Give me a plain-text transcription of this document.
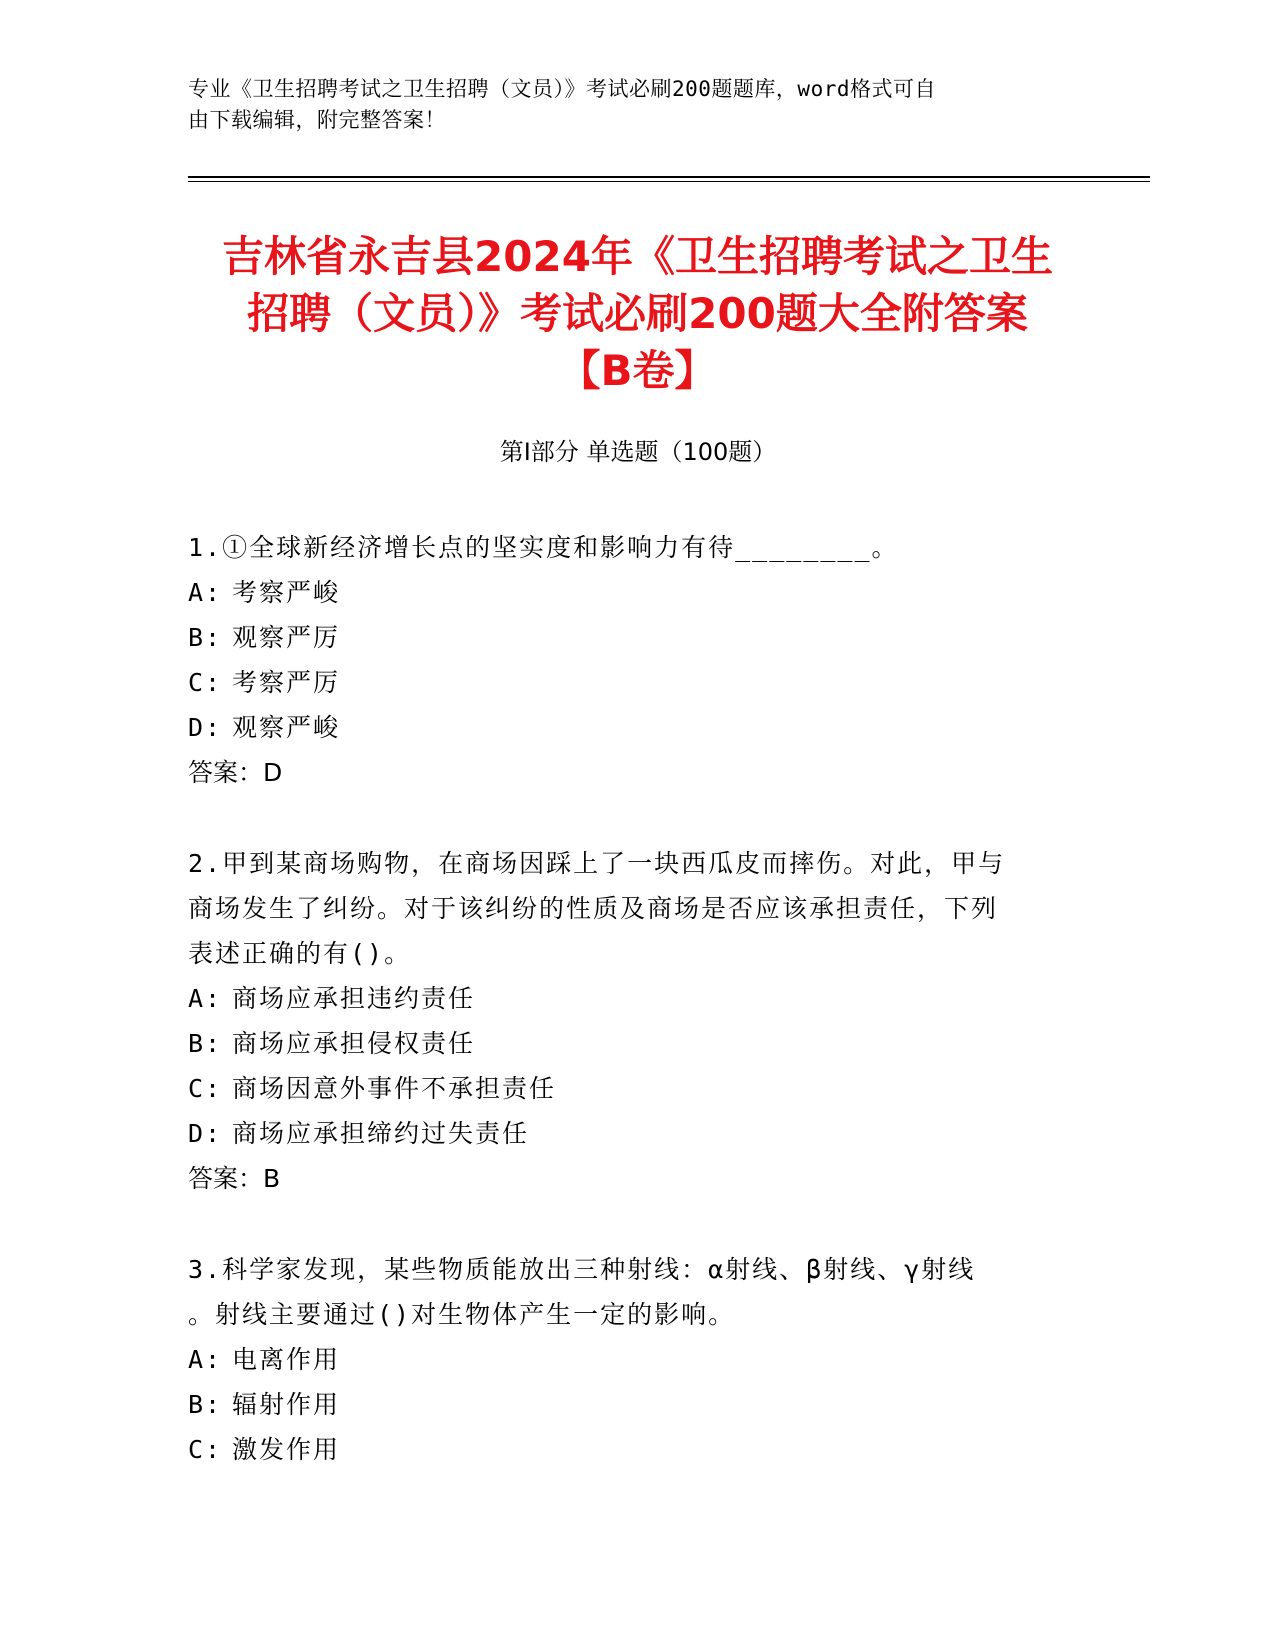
专业《卫生招聘考试之卫生招聘（文员）》考试必刷200题题库，word格式可自
由下载编辑，附完整答案！
吉林省永吉县2024年《卫生招聘考试之卫生
招聘（文员）》考试必刷200题大全附答案
【B卷】
第Ⅰ部分 单选题（100题）
1.①全球新经济增长点的坚实度和影响力有待________。
A: 考察严峻
B: 观察严厉
C: 考察严厉
D: 观察严峻
答案：D
2.甲到某商场购物，在商场因踩上了一块西瓜皮而摔伤。对此，甲与
商场发生了纠纷。对于该纠纷的性质及商场是否应该承担责任，下列
表述正确的有()。
A: 商场应承担违约责任
B: 商场应承担侵权责任
C: 商场因意外事件不承担责任
D: 商场应承担缔约过失责任
答案：B
3.科学家发现，某些物质能放出三种射线：α射线、β射线、γ射线
。射线主要通过()对生物体产生一定的影响。
A: 电离作用
B: 辐射作用
C: 激发作用
